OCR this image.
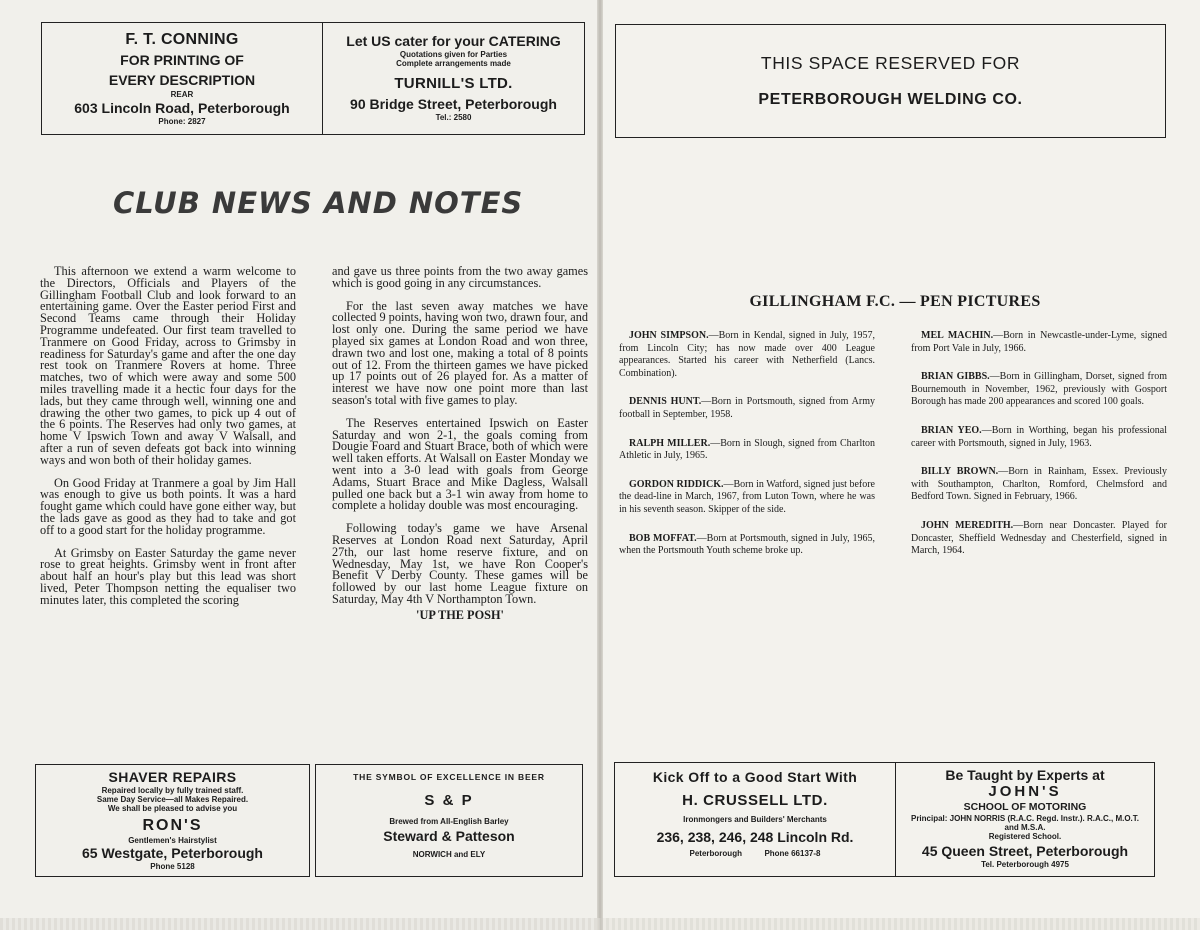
F. T. CONNING
FOR PRINTING OF
EVERY DESCRIPTION
REAR
603 Lincoln Road, Peterborough
Phone: 2827
Let US cater for your CATERING
Quotations given for Parties
Complete arrangements made
TURNILL'S LTD.
90 Bridge Street, Peterborough
Tel.: 2580
THIS SPACE RESERVED FOR
PETERBOROUGH WELDING CO.
CLUB NEWS AND NOTES

This afternoon we extend a warm welcome to the Directors, Officials and Players of the Gillingham Football Club and look forward to an entertaining game. Over the Easter period First and Second Teams came through their Holiday Programme undefeated. Our first team travelled to Tranmere on Good Friday, across to Grimsby in readiness for Saturday's game and after the one day rest took on Tranmere Rovers at home. Three matches, two of which were away and some 500 miles travelling made it a hectic four days for the lads, but they came through well, winning one and drawing the other two games, to pick up 4 out of the 6 points. The Reserves had only two games, at home V Ipswich Town and away V Walsall, and after a run of seven defeats got back into winning ways and won both of their holiday games.

On Good Friday at Tranmere a goal by Jim Hall was enough to give us both points. It was a hard fought game which could have gone either way, but the lads gave as good as they had to take and got off to a good start for the holiday programme.

At Grimsby on Easter Saturday the game never rose to great heights. Grimsby went in front after about half an hour's play but this lead was short lived, Peter Thompson netting the equaliser two minutes later, this completed the scoring

and gave us three points from the two away games which is good going in any circumstances.

For the last seven away matches we have collected 9 points, having won two, drawn four, and lost only one. During the same period we have played six games at London Road and won three, drawn two and lost one, making a total of 8 points out of 12. From the thirteen games we have picked up 17 points out of 26 played for. As a matter of interest we have now one point more than last season's total with five games to play.

The Reserves entertained Ipswich on Easter Saturday and won 2-1, the goals coming from Dougie Foard and Stuart Brace, both of which were well taken efforts. At Walsall on Easter Monday we went into a 3-0 lead with goals from George Adams, Stuart Brace and Mike Dagless, Walsall pulled one back but a 3-1 win away from home to complete a holiday double was most encouraging.

Following today's game we have Arsenal Reserves at London Road next Saturday, April 27th, our last home reserve fixture, and on Wednesday, May 1st, we have Ron Cooper's Benefit V Derby County. These games will be followed by our last home League fixture on Saturday, May 4th V Northampton Town.

'UP THE POSH'

GILLINGHAM F.C. — PEN PICTURES
JOHN SIMPSON.—Born in Kendal, signed in July, 1957, from Lincoln City; has now made over 400 League appearances. Started his career with Netherfield (Lancs. Combination).
DENNIS HUNT.—Born in Portsmouth, signed from Army football in September, 1958.
RALPH MILLER.—Born in Slough, signed from Charlton Athletic in July, 1965.
GORDON RIDDICK.—Born in Watford, signed just before the dead-line in March, 1967, from Luton Town, where he was in his seventh season. Skipper of the side.
BOB MOFFAT.—Born at Portsmouth, signed in July, 1965, when the Portsmouth Youth scheme broke up.
MEL MACHIN.—Born in Newcastle-under-Lyme, signed from Port Vale in July, 1966.
BRIAN GIBBS.—Born in Gillingham, Dorset, signed from Bournemouth in November, 1962, previously with Gosport Borough has made 200 appearances and scored 100 goals.
BRIAN YEO.—Born in Worthing, began his professional career with Portsmouth, signed in July, 1963.
BILLY BROWN.—Born in Rainham, Essex. Previously with Southampton, Charlton, Romford, Chelmsford and Bedford Town. Signed in February, 1966.
JOHN MEREDITH.—Born near Doncaster. Played for Doncaster, Sheffield Wednesday and Chesterfield, signed in March, 1964.
SHAVER REPAIRS
Repaired locally by fully trained staff.
Same Day Service—all Makes Repaired.
We shall be pleased to advise you
RON'S
Gentlemen's Hairstylist
65 Westgate, Peterborough
Phone 5128
THE SYMBOL OF EXCELLENCE IN BEER
S & P
Brewed from All-English Barley
Steward & Patteson
NORWICH and ELY
Kick Off to a Good Start With
H. CRUSSELL LTD.
Ironmongers and Builders' Merchants
236, 238, 246, 248 Lincoln Rd.
Peterborough	Phone 66137-8
Be Taught by Experts at
JOHN'S
SCHOOL OF MOTORING
Principal: JOHN NORRIS (R.A.C. Regd. Instr.). R.A.C., M.O.T. and M.S.A.
Registered School.
45 Queen Street, Peterborough
Tel. Peterborough 4975
